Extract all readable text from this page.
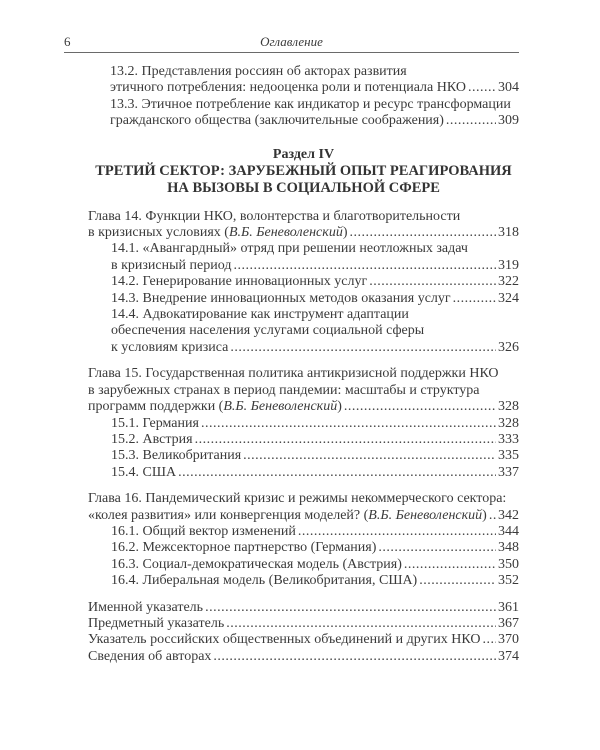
6	Оглавление
13.2. Представления россиян об акторах развития
этичного потребления: недооценка роли и потенциала НКО ..... 304
13.3. Этичное потребление как индикатор и ресурс трансформации
гражданского общества (заключительные соображения) .....	309
Раздел IV
ТРЕТИЙ СЕКТОР: ЗАРУБЕЖНЫЙ ОПЫТ РЕАГИРОВАНИЯ
НА ВЫЗОВЫ В СОЦИАЛЬНОЙ СФЕРЕ
Глава 14. Функции НКО, волонтерства и благотворительности
в кризисных условиях (В.Б. Беневоленский) .....	318
14.1. «Авангардный» отряд при решении неотложных задач
в кризисный период .....	319
14.2. Генерирование инновационных услуг .....	322
14.3. Внедрение инновационных методов оказания услуг .....	324
14.4. Адвокатирование как инструмент адаптации
обеспечения населения услугами социальной сферы
к условиям кризиса .....	326
Глава 15. Государственная политика антикризисной поддержки НКО
в зарубежных странах в период пандемии: масштабы и структура
программ поддержки (В.Б. Беневоленский) .....	328
15.1. Германия .....	328
15.2. Австрия .....	333
15.3. Великобритания .....	335
15.4. США .....	337
Глава 16. Пандемический кризис и режимы некоммерческого сектора:
«колея развития» или конвергенция моделей? (В.Б. Беневоленский) ..... 342
16.1. Общий вектор изменений .....	344
16.2. Межсекторное партнерство (Германия) .....	348
16.3. Социал-демократическая модель (Австрия) .....	350
16.4. Либеральная модель (Великобритания, США) .....	352
Именной указатель .....	361
Предметный указатель .....	367
Указатель российских общественных объединений и других НКО ..... 370
Сведения об авторах .....	374
